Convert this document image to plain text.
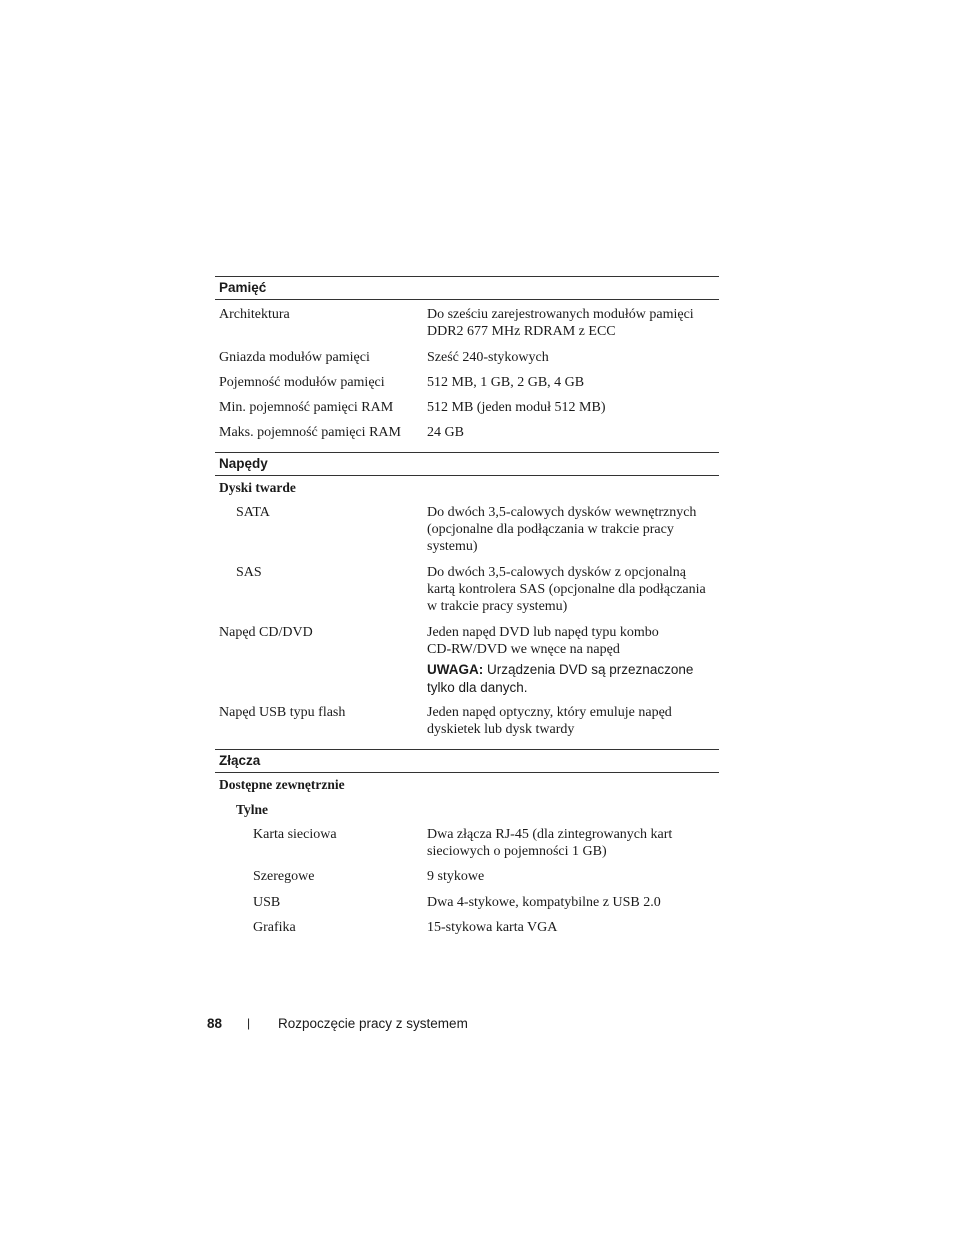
Pamięć
Architektura	Do sześciu zarejestrowanych modułów pamięci
DDR2 677 MHz RDRAM z ECC
Gniazda modułów pamięci	Sześć 240-stykowych
Pojemność modułów pamięci	512 MB, 1 GB, 2 GB, 4 GB
Min. pojemność pamięci RAM	512 MB (jeden moduł 512 MB)
Maks. pojemność pamięci RAM	24 GB
Napędy
Dyski twarde
SATA	Do dwóch 3,5-calowych dysków wewnętrznych
(opcjonalne dla podłączania w trakcie pracy
systemu)
SAS	Do dwóch 3,5-calowych dysków z opcjonalną
kartą kontrolera SAS (opcjonalne dla podłączania
w trakcie pracy systemu)
Napęd CD/DVD	Jeden napęd DVD lub napęd typu kombo
CD-RW/DVD we wnęce na napęd
UWAGA: Urządzenia DVD są przeznaczone
tylko dla danych.
Napęd USB typu flash	Jeden napęd optyczny, który emuluje napęd
dyskietek lub dysk twardy
Złącza
Dostępne zewnętrznie
Tylne
Karta sieciowa	Dwa złącza RJ-45 (dla zintegrowanych kart
sieciowych o pojemności 1 GB)
Szeregowe	9 stykowe
USB	Dwa 4-stykowe, kompatybilne z USB 2.0
Grafika	15-stykowa karta VGA
88 | Rozpoczęcie pracy z systemem
